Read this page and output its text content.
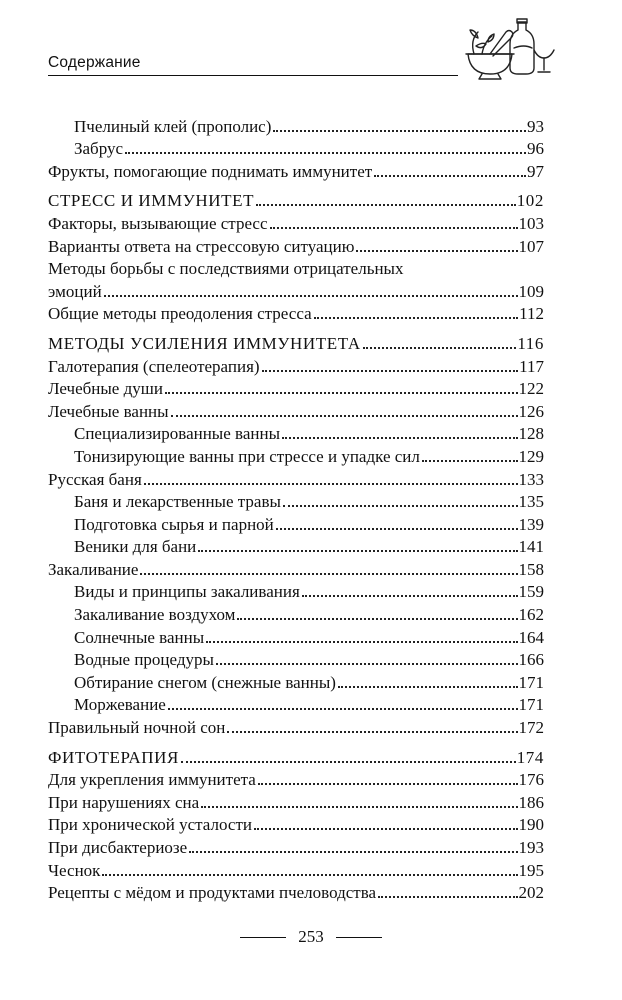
Содержание
Пчелиный клей (прополис)	93
Забрус	96
Фрукты, помогающие поднимать иммунитет	97
СТРЕСС И ИММУНИТЕТ	102
Факторы, вызывающие стресс	103
Варианты ответа на стрессовую ситуацию	107
Методы борьбы с последствиями отрицательных
эмоций	109
Общие методы преодоления стресса	112
МЕТОДЫ УСИЛЕНИЯ ИММУНИТЕТА	116
Галотерапия (спелеотерапия)	117
Лечебные души	122
Лечебные ванны	126
Специализированные ванны	128
Тонизирующие ванны при стрессе и упадке сил	129
Русская баня	133
Баня и лекарственные травы	135
Подготовка сырья и парной	139
Веники для бани	141
Закаливание	158
Виды и принципы закаливания	159
Закаливание воздухом	162
Солнечные ванны	164
Водные процедуры	166
Обтирание снегом (снежные ванны)	171
Моржевание	171
Правильный ночной сон	172
ФИТОТЕРАПИЯ	174
Для укрепления иммунитета	176
При нарушениях сна	186
При хронической усталости	190
При дисбактериозе	193
Чеснок	195
Рецепты с мёдом и продуктами пчеловодства	202
253
